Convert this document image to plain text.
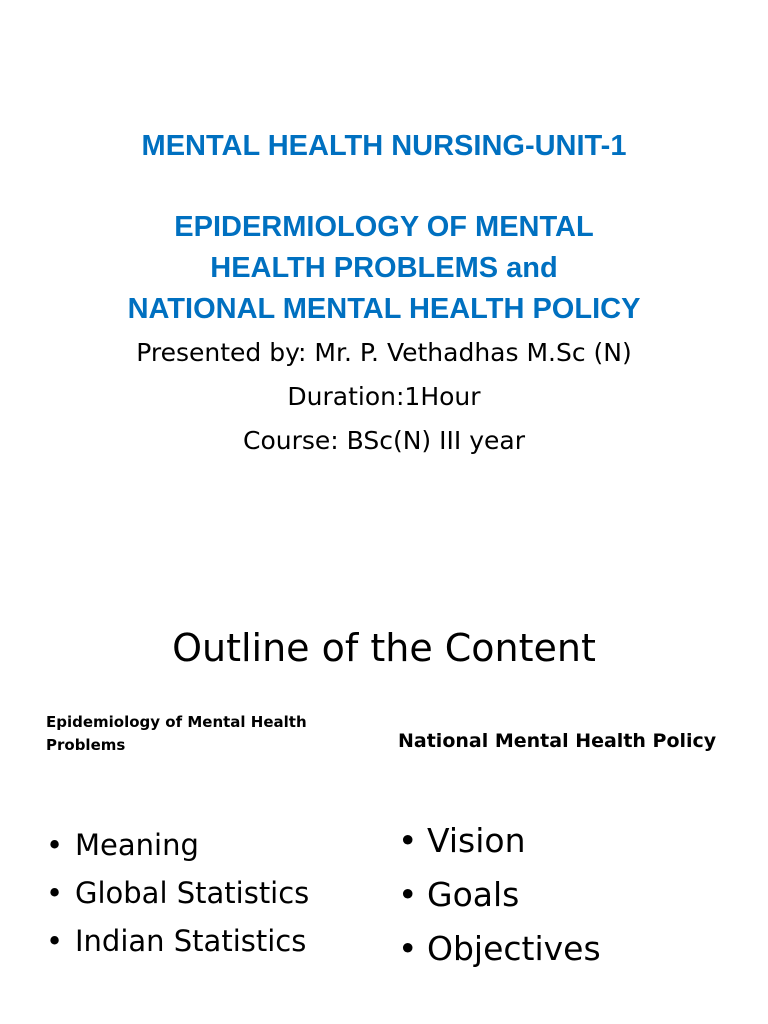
MENTAL HEALTH NURSING-UNIT-1
EPIDERMIOLOGY OF MENTAL
HEALTH PROBLEMS and
NATIONAL MENTAL HEALTH POLICY
Presented by: Mr. P. Vethadhas M.Sc (N)
Duration:1Hour
Course: BSc(N) III year
Outline of the Content
Epidemiology of Mental Health Problems	National Mental Health Policy
• Meaning
• Global Statistics
• Indian Statistics
• Vision
• Goals
• Objectives
